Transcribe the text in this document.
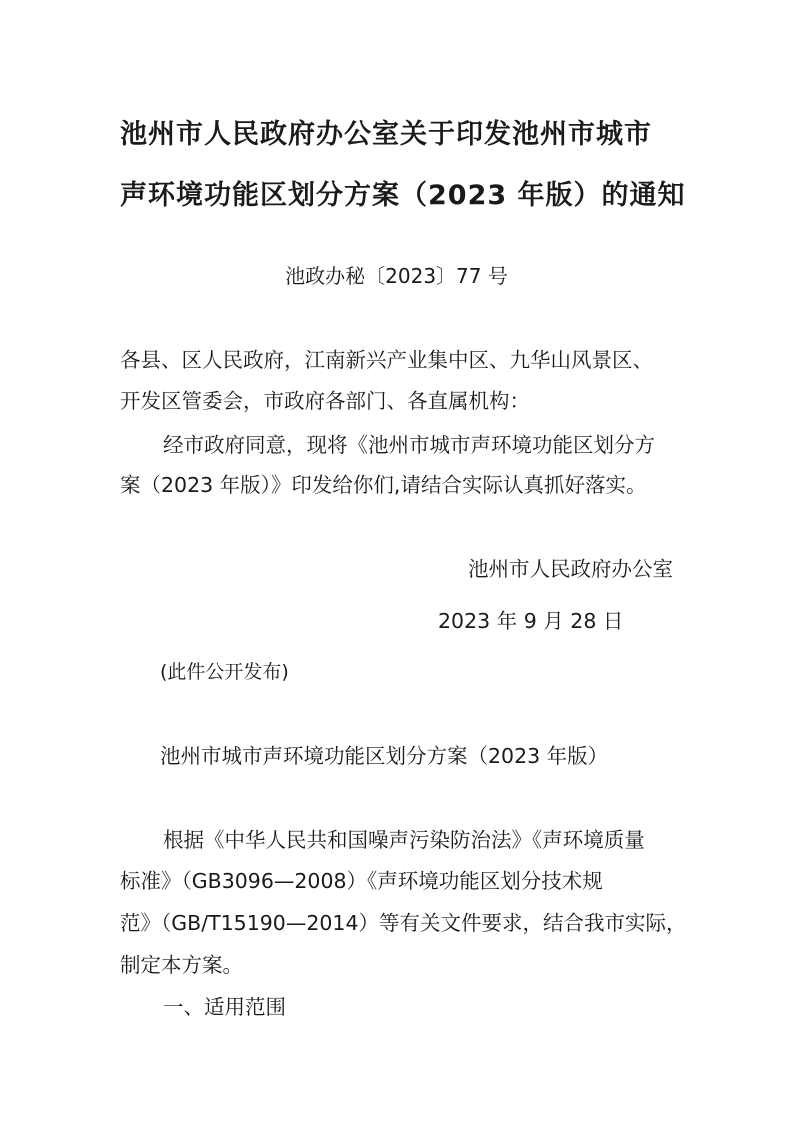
池州市人民政府办公室关于印发池州市城市
声环境功能区划分方案（2023 年版）的通知
池政办秘〔2023〕77 号
各县、区人民政府，江南新兴产业集中区、九华山风景区、
开发区管委会，市政府各部门、各直属机构：
经市政府同意，现将《池州市城市声环境功能区划分方
案（2023 年版）》印发给你们,请结合实际认真抓好落实。
池州市人民政府办公室
2023 年 9 月 28 日
(此件公开发布)
池州市城市声环境功能区划分方案（2023 年版）
根据《中华人民共和国噪声污染防治法》《声环境质量
标准》（GB3096—2008）《声环境功能区划分技术规
范》（GB/T15190—2014）等有关文件要求，结合我市实际，
制定本方案。
一、适用范围
